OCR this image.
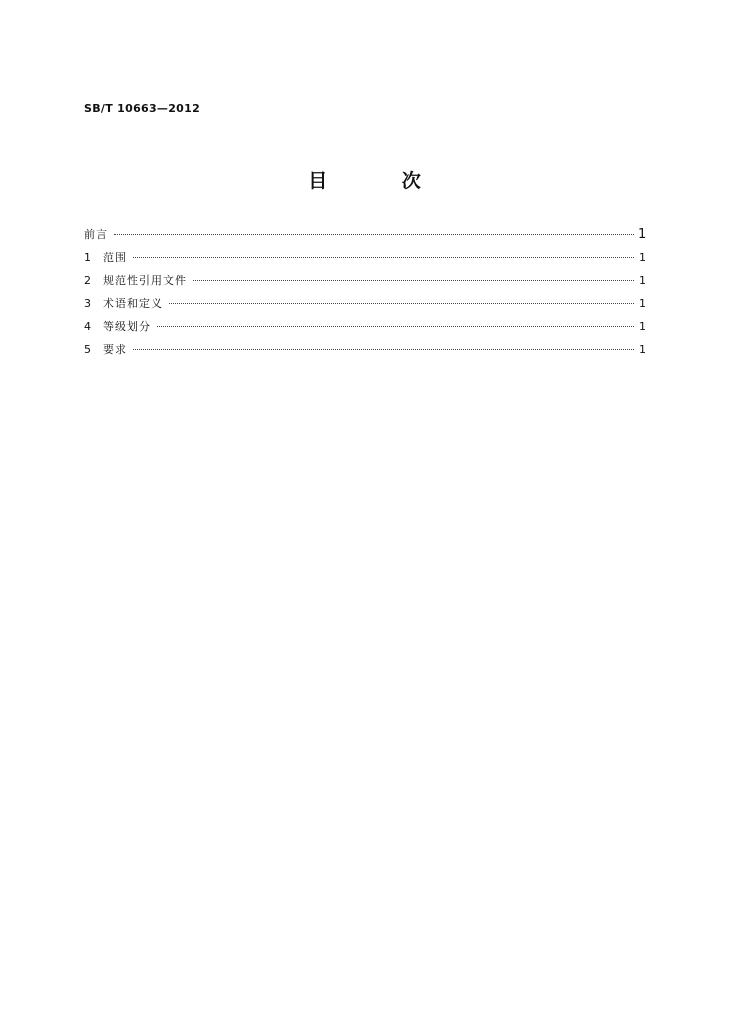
SB/T 10663—2012
目 次
前言	1
1	范围	1
2	规范性引用文件	1
3	术语和定义	1
4	等级划分	1
5	要求	1
